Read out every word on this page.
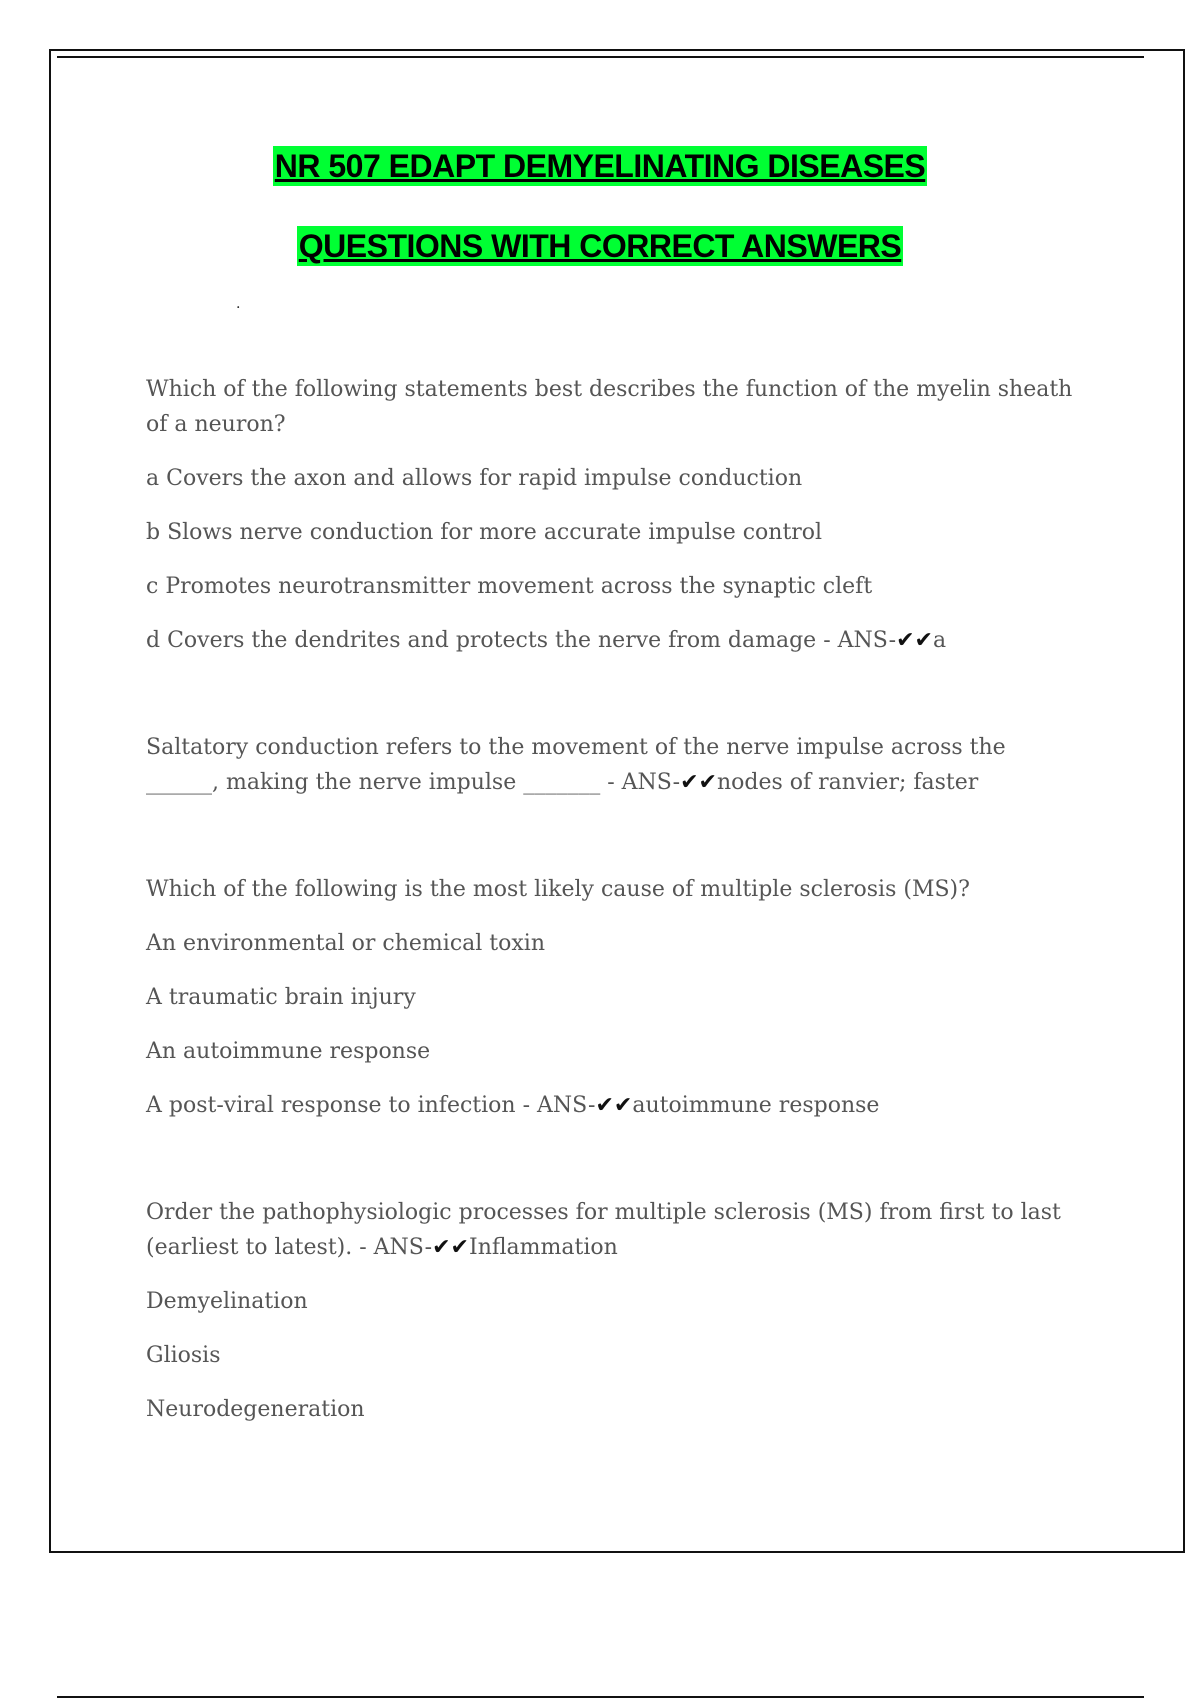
NR 507 EDAPT DEMYELINATING DISEASES
QUESTIONS WITH CORRECT ANSWERS
.

Which of the following statements best describes the function of the myelin sheath of a neuron?

a Covers the axon and allows for rapid impulse conduction

b Slows nerve conduction for more accurate impulse control

c Promotes neurotransmitter movement across the synaptic cleft

d Covers the dendrites and protects the nerve from damage - ANS-✔✔a

Saltatory conduction refers to the movement of the nerve impulse across the ______, making the nerve impulse _______ - ANS-✔✔nodes of ranvier; faster

Which of the following is the most likely cause of multiple sclerosis (MS)?

An environmental or chemical toxin

A traumatic brain injury

An autoimmune response

A post-viral response to infection - ANS-✔✔autoimmune response

Order the pathophysiologic processes for multiple sclerosis (MS) from first to last (earliest to latest). - ANS-✔✔Inflammation

Demyelination

Gliosis

Neurodegeneration
